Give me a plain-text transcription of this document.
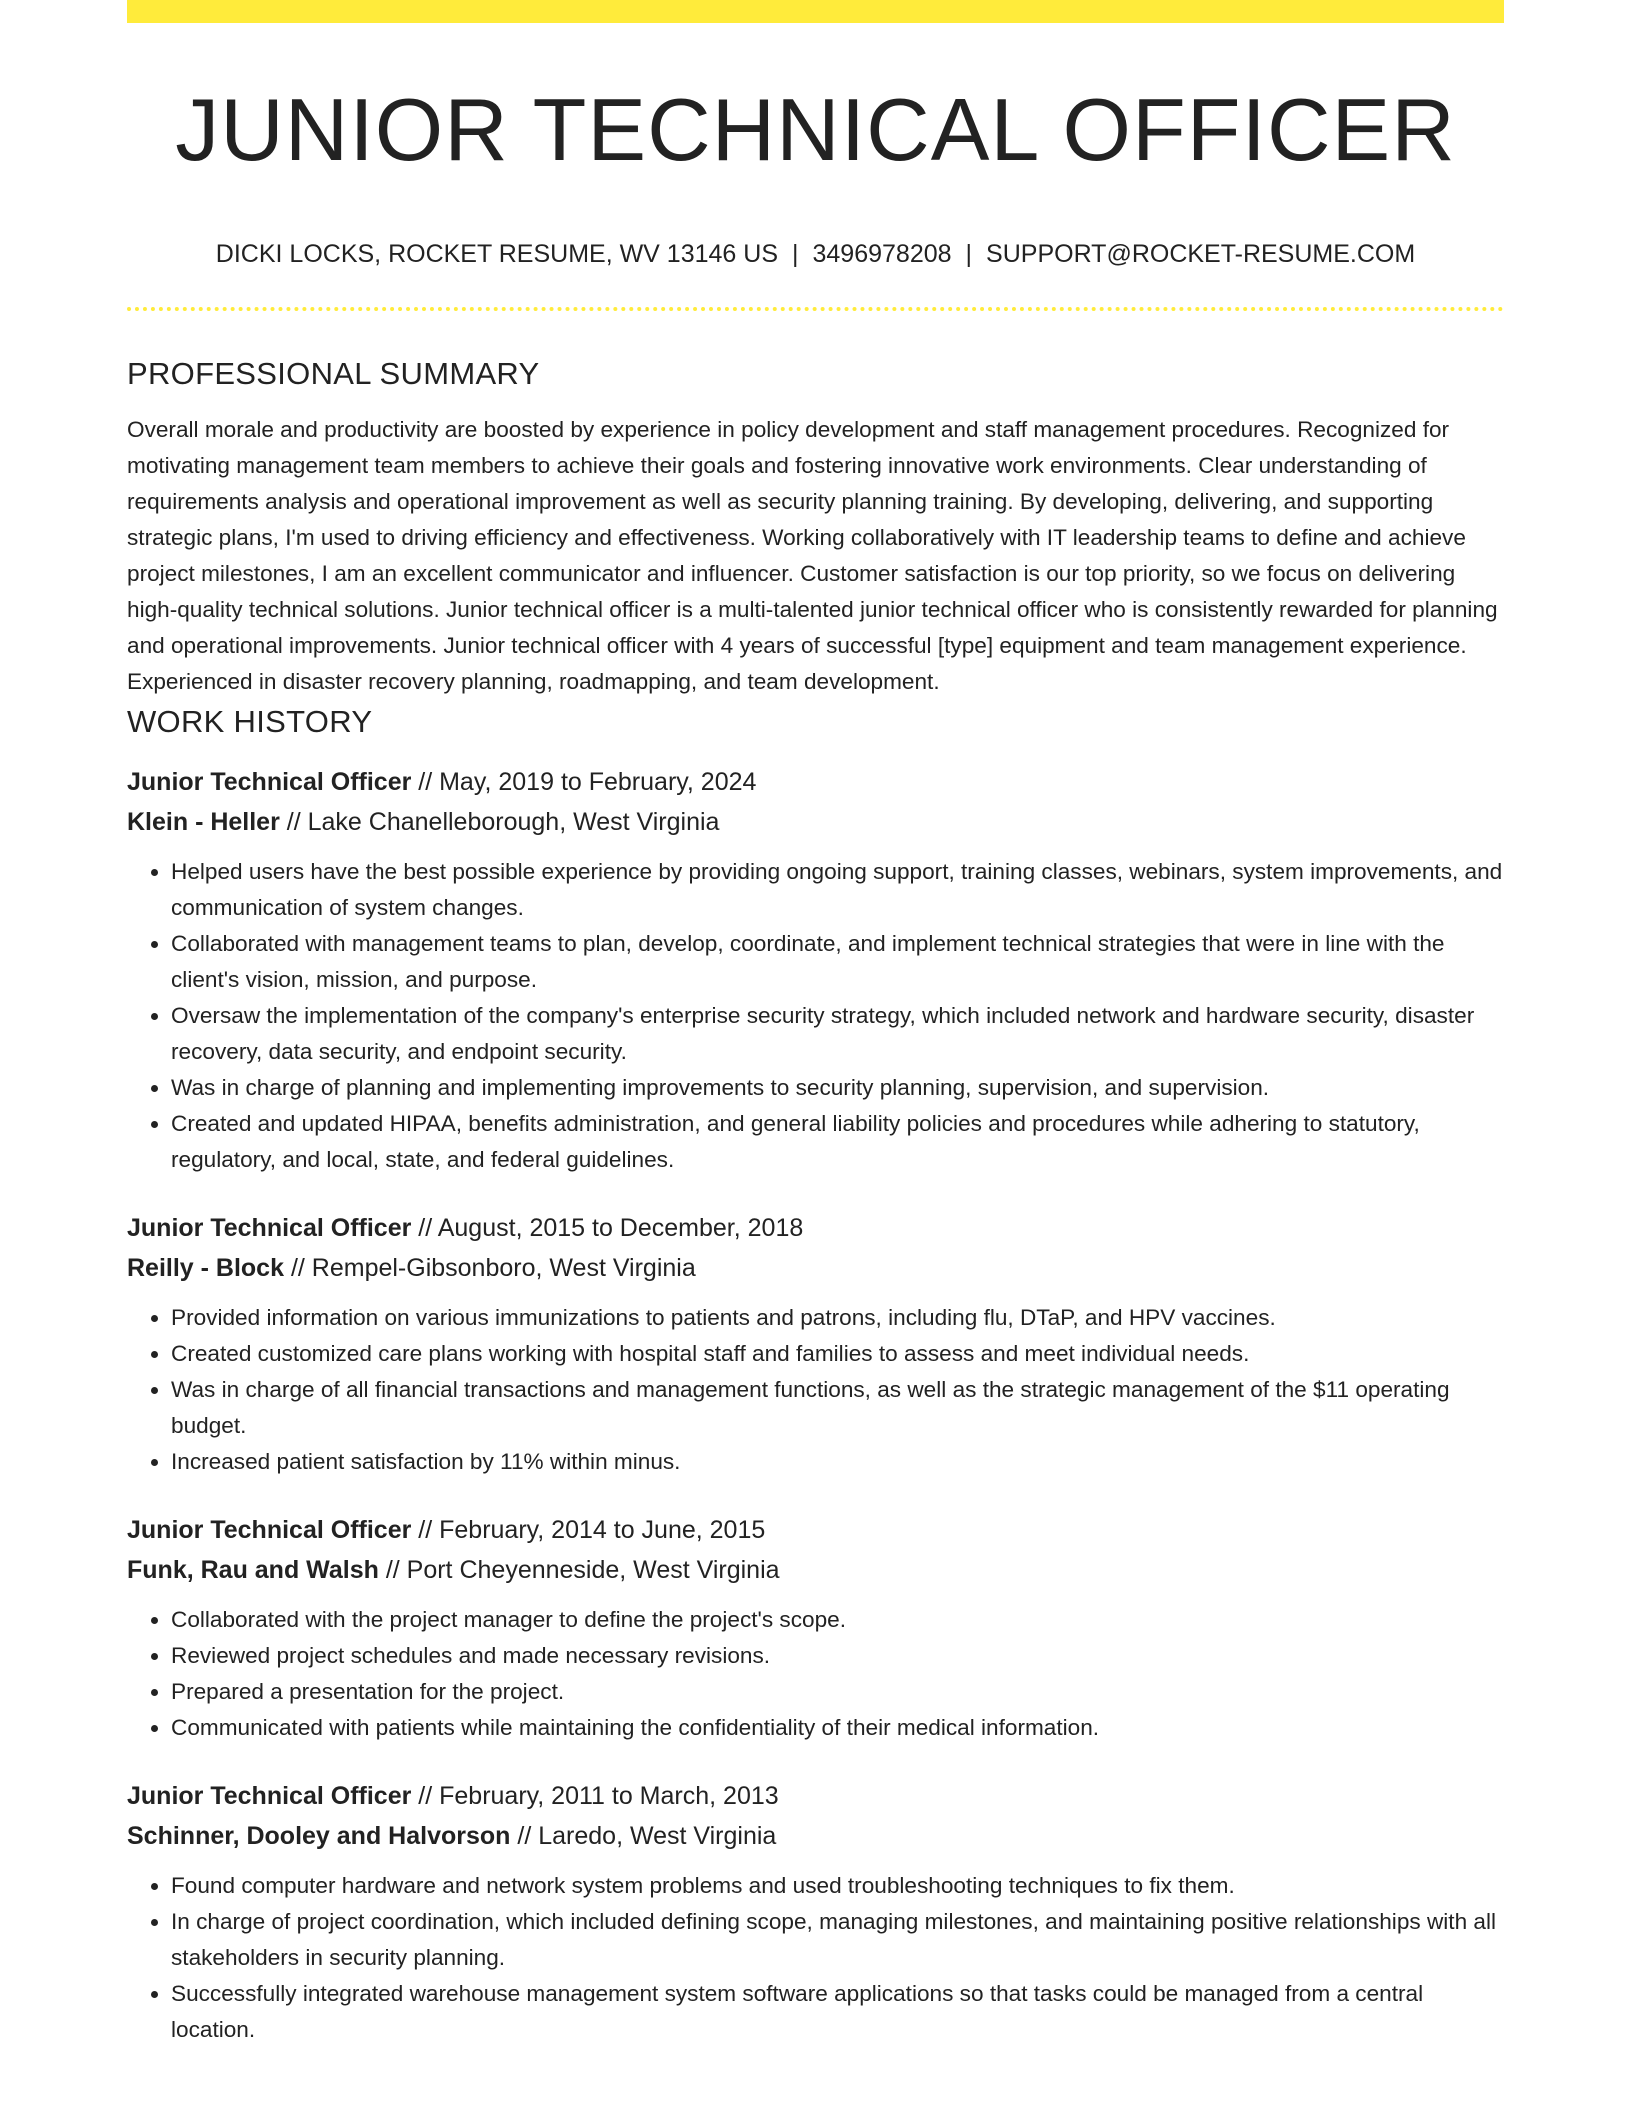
JUNIOR TECHNICAL OFFICER
DICKI LOCKS, ROCKET RESUME, WV 13146 US | 3496978208 | SUPPORT@ROCKET-RESUME.COM
PROFESSIONAL SUMMARY

Overall morale and productivity are boosted by experience in policy development and staff management procedures. Recognized for motivating management team members to achieve their goals and fostering innovative work environments. Clear understanding of requirements analysis and operational improvement as well as security planning training. By developing, delivering, and supporting strategic plans, I'm used to driving efficiency and effectiveness. Working collaboratively with IT leadership teams to define and achieve project milestones, I am an excellent communicator and influencer. Customer satisfaction is our top priority, so we focus on delivering high-quality technical solutions. Junior technical officer is a multi-talented junior technical officer who is consistently rewarded for planning and operational improvements. Junior technical officer with 4 years of successful [type] equipment and team management experience. Experienced in disaster recovery planning, roadmapping, and team development.

WORK HISTORY
Junior Technical Officer // May, 2019 to February, 2024
Klein - Heller // Lake Chanelleborough, West Virginia
• Helped users have the best possible experience by providing ongoing support, training classes, webinars, system improvements, and communication of system changes.
• Collaborated with management teams to plan, develop, coordinate, and implement technical strategies that were in line with the client's vision, mission, and purpose.
• Oversaw the implementation of the company's enterprise security strategy, which included network and hardware security, disaster recovery, data security, and endpoint security.
• Was in charge of planning and implementing improvements to security planning, supervision, and supervision.
• Created and updated HIPAA, benefits administration, and general liability policies and procedures while adhering to statutory, regulatory, and local, state, and federal guidelines.
Junior Technical Officer // August, 2015 to December, 2018
Reilly - Block // Rempel-Gibsonboro, West Virginia
• Provided information on various immunizations to patients and patrons, including flu, DTaP, and HPV vaccines.
• Created customized care plans working with hospital staff and families to assess and meet individual needs.
• Was in charge of all financial transactions and management functions, as well as the strategic management of the $11 operating budget.
• Increased patient satisfaction by 11% within minus.
Junior Technical Officer // February, 2014 to June, 2015
Funk, Rau and Walsh // Port Cheyenneside, West Virginia
• Collaborated with the project manager to define the project's scope.
• Reviewed project schedules and made necessary revisions.
• Prepared a presentation for the project.
• Communicated with patients while maintaining the confidentiality of their medical information.
Junior Technical Officer // February, 2011 to March, 2013
Schinner, Dooley and Halvorson // Laredo, West Virginia
• Found computer hardware and network system problems and used troubleshooting techniques to fix them.
• In charge of project coordination, which included defining scope, managing milestones, and maintaining positive relationships with all stakeholders in security planning.
• Successfully integrated warehouse management system software applications so that tasks could be managed from a central location.
